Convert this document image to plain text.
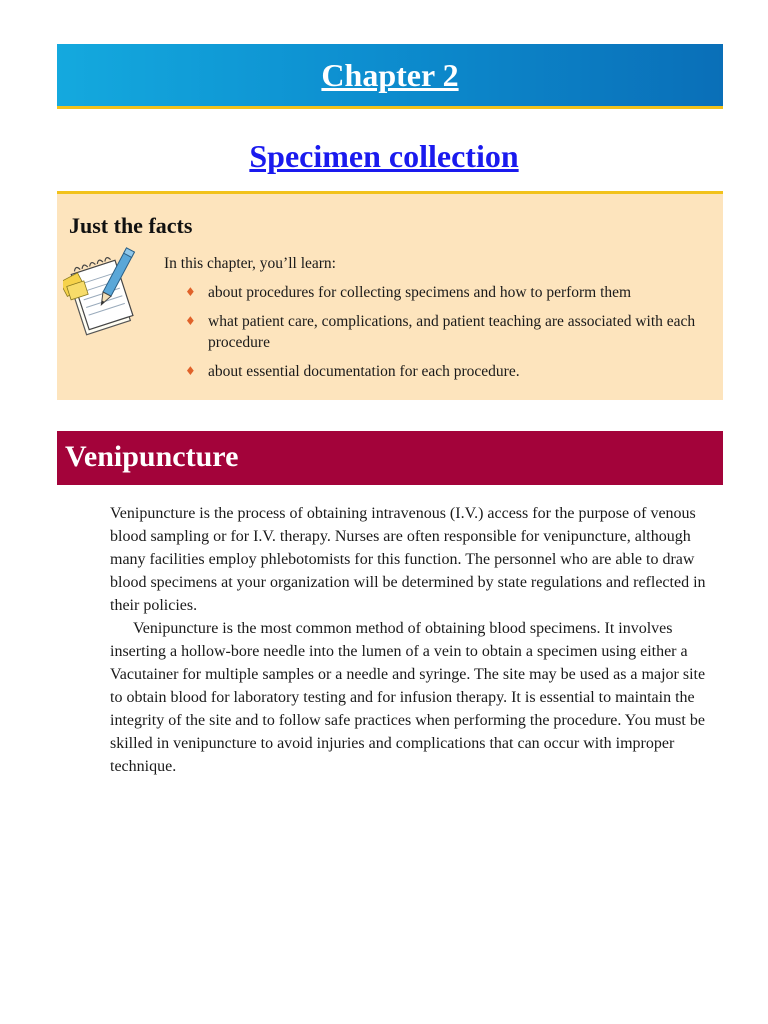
Chapter 2
Specimen collection
Just the facts
In this chapter, you’ll learn:
♦ about procedures for collecting specimens and how to perform them
♦ what patient care, complications, and patient teaching are associated with each procedure
♦ about essential documentation for each procedure.
Venipuncture

Venipuncture is the process of obtaining intravenous (I.V.) access for the purpose of venous blood sampling or for I.V. therapy. Nurses are often responsible for venipuncture, although many facilities employ phlebotomists for this function. The personnel who are able to draw blood specimens at your organization will be determined by state regulations and reflected in their policies.

Venipuncture is the most common method of obtaining blood specimens. It involves inserting a hollow-bore needle into the lumen of a vein to obtain a specimen using either a Vacutainer for multiple samples or a needle and syringe. The site may be used as a major site to obtain blood for laboratory testing and for infusion therapy. It is essential to maintain the integrity of the site and to follow safe practices when performing the procedure. You must be skilled in venipuncture to avoid injuries and complications that can occur with improper technique.
